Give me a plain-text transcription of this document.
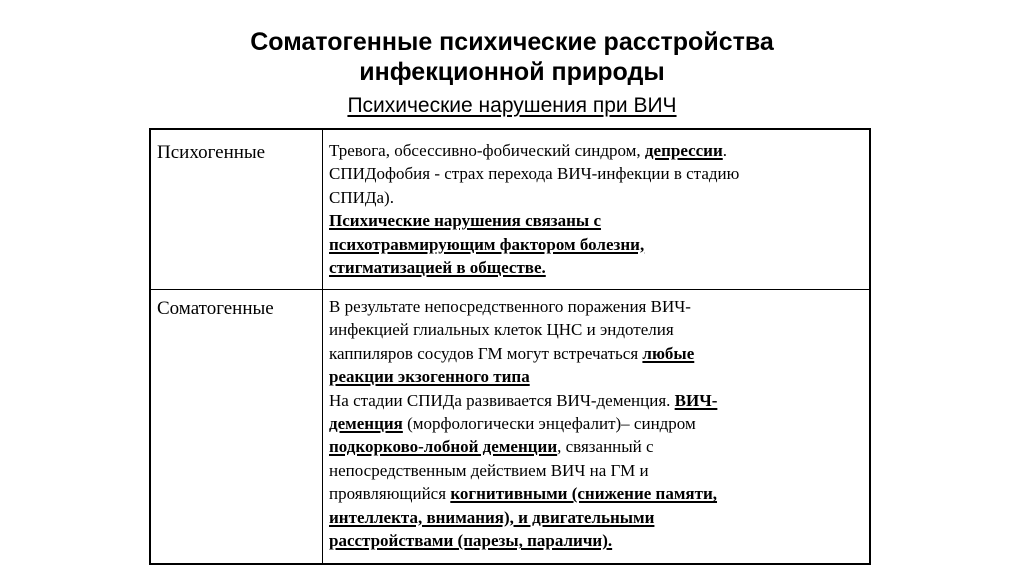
Соматогенные психические расстройства
инфекционной природы
Психические нарушения при ВИЧ
Психогенные	Тревога, обсессивно-фобический синдром, депрессии.
СПИДофобия - страх перехода ВИЧ-инфекции в стадию
СПИДа).
Психические нарушения связаны с
психотравмирующим фактором болезни,
стигматизацией в обществе.
Соматогенные	В результате непосредственного поражения ВИЧ-
инфекцией глиальных клеток ЦНС и эндотелия
каппиляров сосудов ГМ могут встречаться любые
реакции экзогенного типа
На стадии СПИДа развивается ВИЧ-деменция. ВИЧ-
деменция (морфологически энцефалит)– синдром
подкорково-лобной деменции, связанный с
непосредственным действием ВИЧ на ГМ и
проявляющийся когнитивными (снижение памяти,
интеллекта, внимания), и двигательными
расстройствами (парезы, параличи).
